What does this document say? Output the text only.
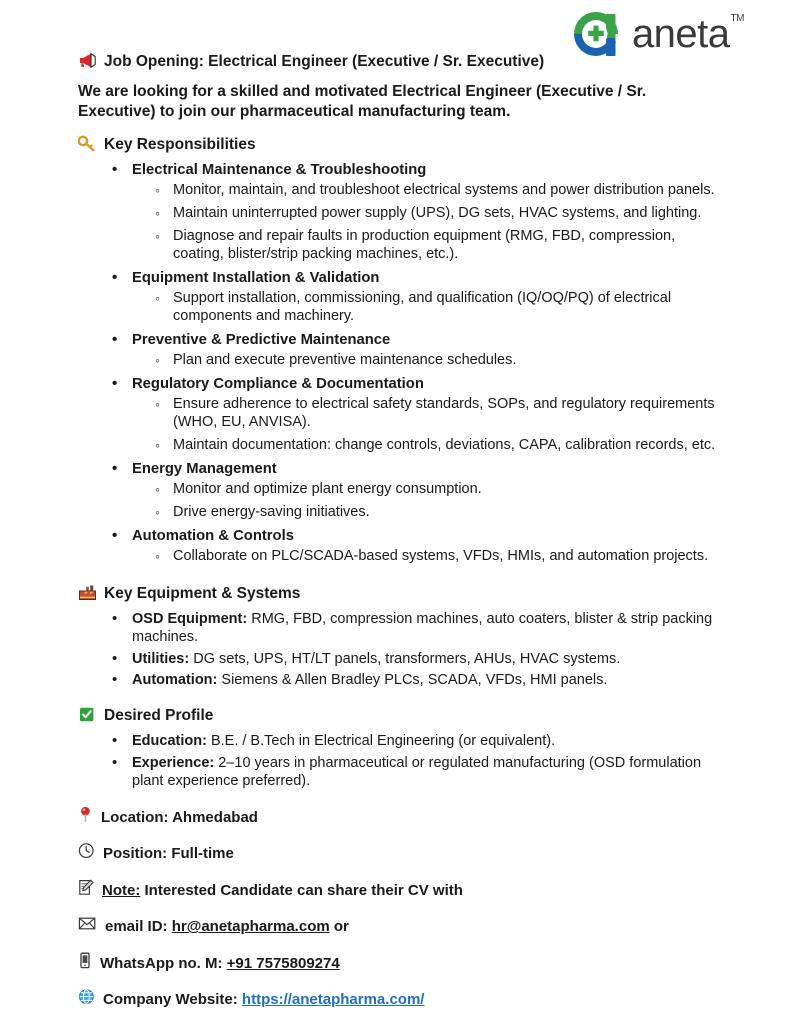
aneta™
Job Opening: Electrical Engineer (Executive / Sr. Executive)
We are looking for a skilled and motivated Electrical Engineer (Executive / Sr. Executive) to join our pharmaceutical manufacturing team.
Key Responsibilities
• Electrical Maintenance & Troubleshooting
◦ Monitor, maintain, and troubleshoot electrical systems and power distribution panels.
◦ Maintain uninterrupted power supply (UPS), DG sets, HVAC systems, and lighting.
◦ Diagnose and repair faults in production equipment (RMG, FBD, compression, coating, blister/strip packing machines, etc.).
• Equipment Installation & Validation
◦ Support installation, commissioning, and qualification (IQ/OQ/PQ) of electrical components and machinery.
• Preventive & Predictive Maintenance
◦ Plan and execute preventive maintenance schedules.
• Regulatory Compliance & Documentation
◦ Ensure adherence to electrical safety standards, SOPs, and regulatory requirements (WHO, EU, ANVISA).
◦ Maintain documentation: change controls, deviations, CAPA, calibration records, etc.
• Energy Management
◦ Monitor and optimize plant energy consumption.
◦ Drive energy-saving initiatives.
• Automation & Controls
◦ Collaborate on PLC/SCADA-based systems, VFDs, HMIs, and automation projects.
Key Equipment & Systems
• OSD Equipment: RMG, FBD, compression machines, auto coaters, blister & strip packing machines.
• Utilities: DG sets, UPS, HT/LT panels, transformers, AHUs, HVAC systems.
• Automation: Siemens & Allen Bradley PLCs, SCADA, VFDs, HMI panels.
Desired Profile
• Education: B.E. / B.Tech in Electrical Engineering (or equivalent).
• Experience: 2–10 years in pharmaceutical or regulated manufacturing (OSD formulation plant experience preferred).
Location: Ahmedabad
Position: Full-time
Note: Interested Candidate can share their CV with
email ID: hr@anetapharma.com or
WhatsApp no. M: +91 7575809274
Company Website: https://anetapharma.com/
